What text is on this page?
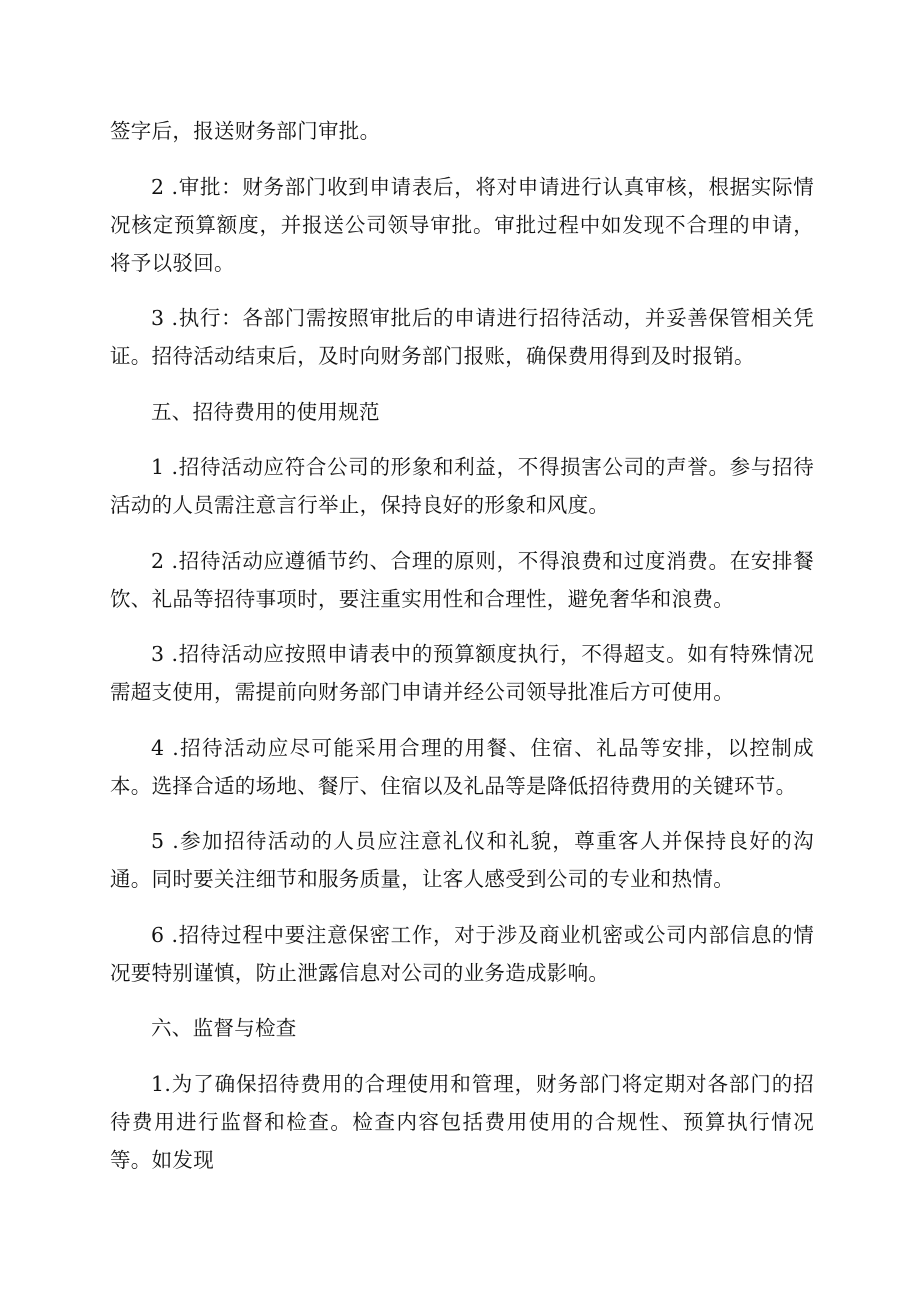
签字后，报送财务部门审批。

2 .审批：财务部门收到申请表后，将对申请进行认真审核，根据实际情况核定预算额度，并报送公司领导审批。审批过程中如发现不合理的申请，将予以驳回。

3 .执行：各部门需按照审批后的申请进行招待活动，并妥善保管相关凭证。招待活动结束后，及时向财务部门报账，确保费用得到及时报销。

五、招待费用的使用规范

1 .招待活动应符合公司的形象和利益，不得损害公司的声誉。参与招待活动的人员需注意言行举止，保持良好的形象和风度。

2 .招待活动应遵循节约、合理的原则，不得浪费和过度消费。在安排餐饮、礼品等招待事项时，要注重实用性和合理性，避免奢华和浪费。

3 .招待活动应按照申请表中的预算额度执行，不得超支。如有特殊情况需超支使用，需提前向财务部门申请并经公司领导批准后方可使用。

4 .招待活动应尽可能采用合理的用餐、住宿、礼品等安排，以控制成本。选择合适的场地、餐厅、住宿以及礼品等是降低招待费用的关键环节。

5 .参加招待活动的人员应注意礼仪和礼貌，尊重客人并保持良好的沟通。同时要关注细节和服务质量，让客人感受到公司的专业和热情。

6 .招待过程中要注意保密工作，对于涉及商业机密或公司内部信息的情况要特别谨慎，防止泄露信息对公司的业务造成影响。

六、监督与检查

1.为了确保招待费用的合理使用和管理，财务部门将定期对各部门的招待费用进行监督和检查。检查内容包括费用使用的合规性、预算执行情况等。如发现
